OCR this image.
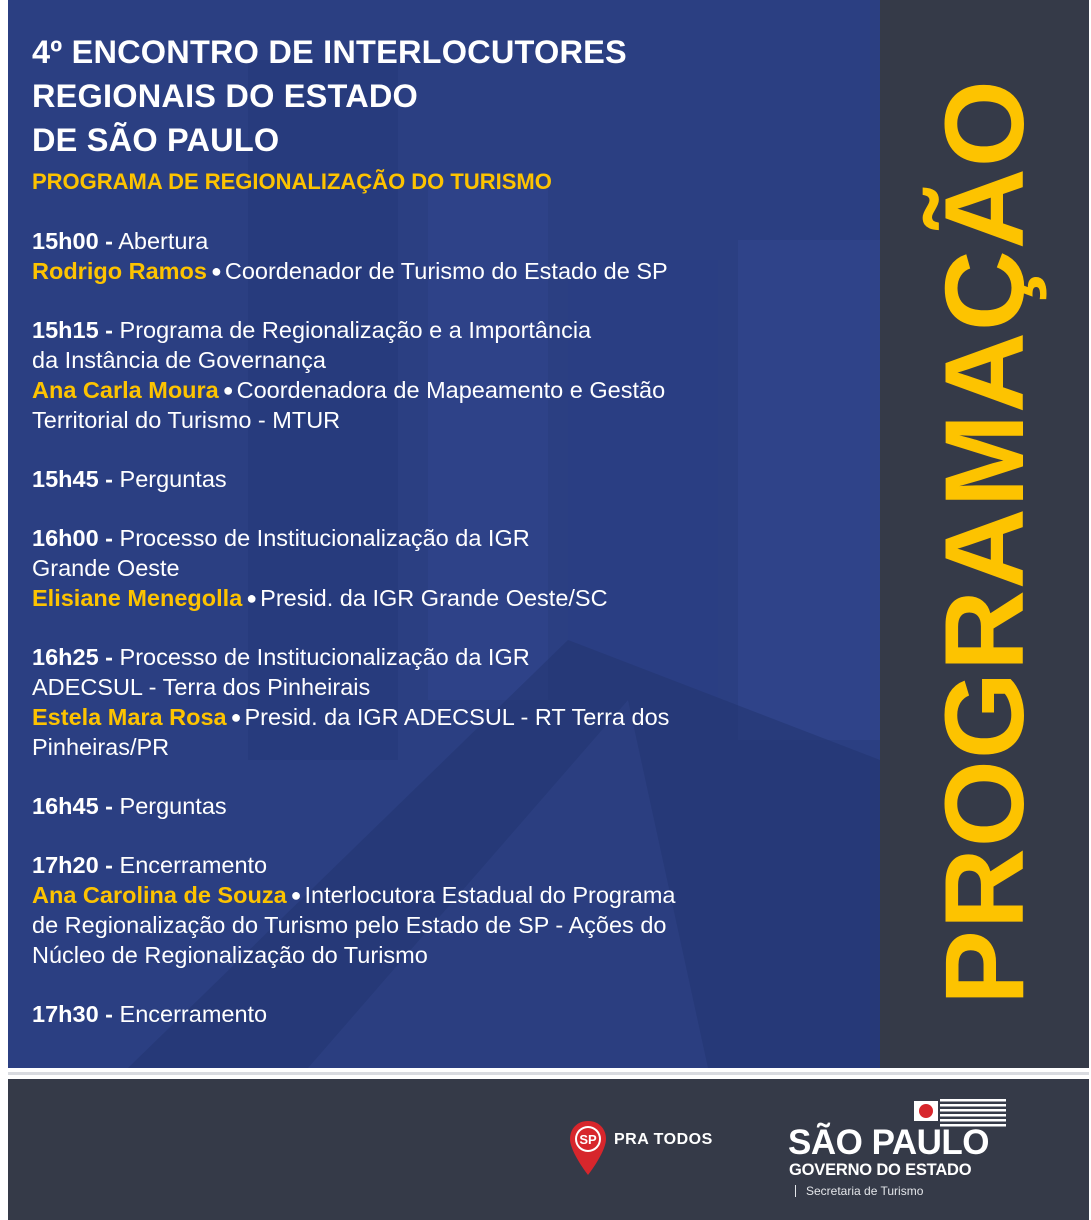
PROGRAMAÇÃO
4º ENCONTRO DE INTERLOCUTORES
REGIONAIS DO ESTADO
DE SÃO PAULO
PROGRAMA DE REGIONALIZAÇÃO DO TURISMO
15h00 - Abertura
Rodrigo Ramos ● Coordenador de Turismo do Estado de SP
15h15 - Programa de Regionalização e a Importância
da Instância de Governança
Ana Carla Moura ● Coordenadora de Mapeamento e Gestão
Territorial do Turismo - MTUR
15h45 - Perguntas
16h00 - Processo de Institucionalização da IGR
Grande Oeste
Elisiane Menegolla ● Presid. da IGR Grande Oeste/SC
16h25 - Processo de Institucionalização da IGR
ADECSUL - Terra dos Pinheirais
Estela Mara Rosa ● Presid. da IGR ADECSUL - RT Terra dos
Pinheiras/PR
16h45 - Perguntas
17h20 - Encerramento
Ana Carolina de Souza ● Interlocutora Estadual do Programa
de Regionalização do Turismo pelo Estado de SP - Ações do
Núcleo de Regionalização do Turismo
17h30 - Encerramento
SP PRA TODOS SÃO PAULO
GOVERNO DO ESTADO
Secretaria de Turismo
